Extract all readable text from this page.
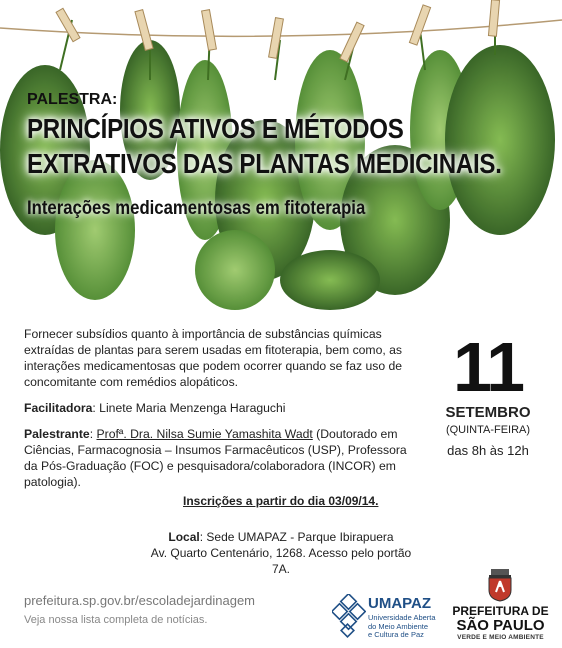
PALESTRA:
PRINCÍPIOS ATIVOS E MÉTODOS
EXTRATIVOS DAS PLANTAS MEDICINAIS.
Interações medicamentosas em fitoterapia

Fornecer subsídios quanto à importância de substâncias químicas extraídas de plantas para serem usadas em fitoterapia, bem como, as interações medicamentosas que podem ocorrer quando se faz uso de concomitante com remédios alopáticos.

Facilitadora: Linete Maria Menzenga Haraguchi

Palestrante: Profª. Dra. Nilsa Sumie Yamashita Wadt (Doutorado em Ciências, Farmacognosia – Insumos Farmacêuticos (USP), Professora da Pós-Graduação (FOC) e pesquisadora/colaboradora (INCOR) em patologia).

Inscrições a partir do dia 03/09/14.
Local: Sede UMAPAZ - Parque Ibirapuera
Av. Quarto Centenário, 1268. Acesso pelo portão 7A.
11
SETEMBRO
(QUINTA-FEIRA)
das 8h às 12h
prefeitura.sp.gov.br/escoladejardinagem
Veja nossa lista completa de notícias.
UMAPAZ
Universidade Aberta
do Meio Ambiente
e Cultura de Paz
PREFEITURA DE
SÃO PAULO
VERDE E MEIO AMBIENTE
